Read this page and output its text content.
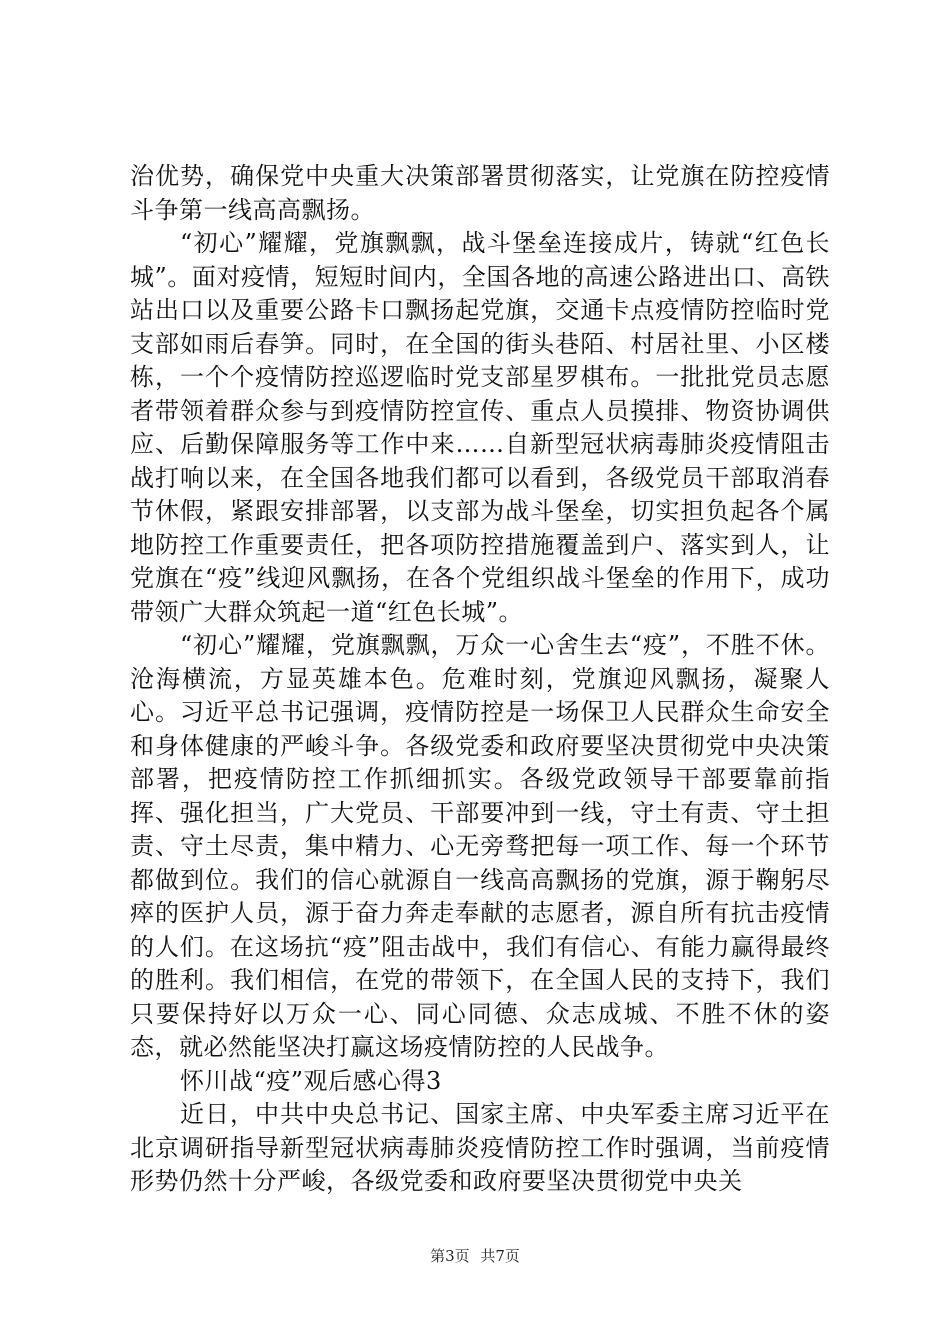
治优势，确保党中央重大决策部署贯彻落实，让党旗在防控疫情斗争第一线高高飘扬。

“初心”耀耀，党旗飘飘，战斗堡垒连接成片，铸就“红色长城”。面对疫情，短短时间内，全国各地的高速公路进出口、高铁站出口以及重要公路卡口飘扬起党旗，交通卡点疫情防控临时党支部如雨后春笋。同时，在全国的街头巷陌、村居社里、小区楼栋，一个个疫情防控巡逻临时党支部星罗棋布。一批批党员志愿者带领着群众参与到疫情防控宣传、重点人员摸排、物资协调供应、后勤保障服务等工作中来……自新型冠状病毒肺炎疫情阻击战打响以来，在全国各地我们都可以看到，各级党员干部取消春节休假，紧跟安排部署，以支部为战斗堡垒，切实担负起各个属地防控工作重要责任，把各项防控措施覆盖到户、落实到人，让党旗在“疫”线迎风飘扬，在各个党组织战斗堡垒的作用下，成功带领广大群众筑起一道“红色长城”。

“初心”耀耀，党旗飘飘，万众一心舍生去“疫”，不胜不休。沧海横流，方显英雄本色。危难时刻，党旗迎风飘扬，凝聚人心。习近平总书记强调，疫情防控是一场保卫人民群众生命安全和身体健康的严峻斗争。各级党委和政府要坚决贯彻党中央决策部署，把疫情防控工作抓细抓实。各级党政领导干部要靠前指挥、强化担当，广大党员、干部要冲到一线，守土有责、守土担责、守土尽责，集中精力、心无旁骛把每一项工作、每一个环节都做到位。我们的信心就源自一线高高飘扬的党旗，源于鞠躬尽瘁的医护人员，源于奋力奔走奉献的志愿者，源自所有抗击疫情的人们。在这场抗“疫”阻击战中，我们有信心、有能力赢得最终的胜利。我们相信，在党的带领下，在全国人民的支持下，我们只要保持好以万众一心、同心同德、众志成城、不胜不休的姿态，就必然能坚决打赢这场疫情防控的人民战争。

怀川战“疫”观后感心得3

近日，中共中央总书记、国家主席、中央军委主席习近平在北京调研指导新型冠状病毒肺炎疫情防控工作时强调，当前疫情形势仍然十分严峻，各级党委和政府要坚决贯彻党中央关

第3页 共7页
